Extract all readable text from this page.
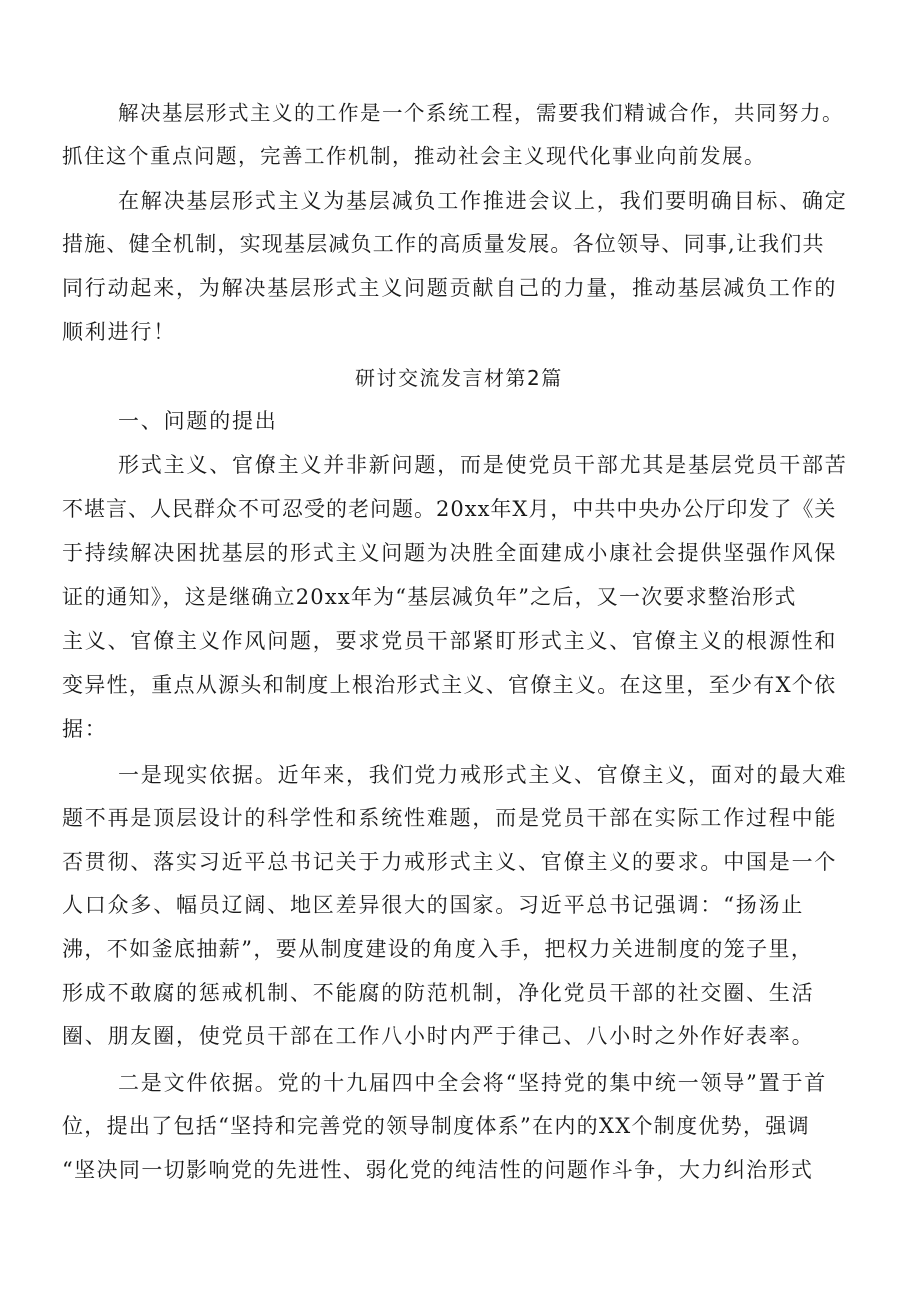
解决基层形式主义的工作是一个系统工程，需要我们精诚合作，共同努力。
抓住这个重点问题，完善工作机制，推动社会主义现代化事业向前发展。
在解决基层形式主义为基层减负工作推进会议上，我们要明确目标、确定
措施、健全机制，实现基层减负工作的高质量发展。各位领导、同事,让我们共
同行动起来，为解决基层形式主义问题贡献自己的力量，推动基层减负工作的
顺利进行！
研讨交流发言材第2篇
一、问题的提出
形式主义、官僚主义并非新问题，而是使党员干部尤其是基层党员干部苦
不堪言、人民群众不可忍受的老问题。20xx年X月，中共中央办公厅印发了《关
于持续解决困扰基层的形式主义问题为决胜全面建成小康社会提供坚强作风保
证的通知》，这是继确立20xx年为“基层减负年”之后，又一次要求整治形式
主义、官僚主义作风问题，要求党员干部紧盯形式主义、官僚主义的根源性和
变异性，重点从源头和制度上根治形式主义、官僚主义。在这里，至少有X个依
据：
一是现实依据。近年来，我们党力戒形式主义、官僚主义，面对的最大难
题不再是顶层设计的科学性和系统性难题，而是党员干部在实际工作过程中能
否贯彻、落实习近平总书记关于力戒形式主义、官僚主义的要求。中国是一个
人口众多、幅员辽阔、地区差异很大的国家。习近平总书记强调：“扬汤止
沸，不如釜底抽薪”，要从制度建设的角度入手，把权力关进制度的笼子里，
形成不敢腐的惩戒机制、不能腐的防范机制，净化党员干部的社交圈、生活
圈、朋友圈，使党员干部在工作八小时内严于律己、八小时之外作好表率。
二是文件依据。党的十九届四中全会将“坚持党的集中统一领导”置于首
位，提出了包括“坚持和完善党的领导制度体系”在内的XX个制度优势，强调
“坚决同一切影响党的先进性、弱化党的纯洁性的问题作斗争，大力纠治形式
